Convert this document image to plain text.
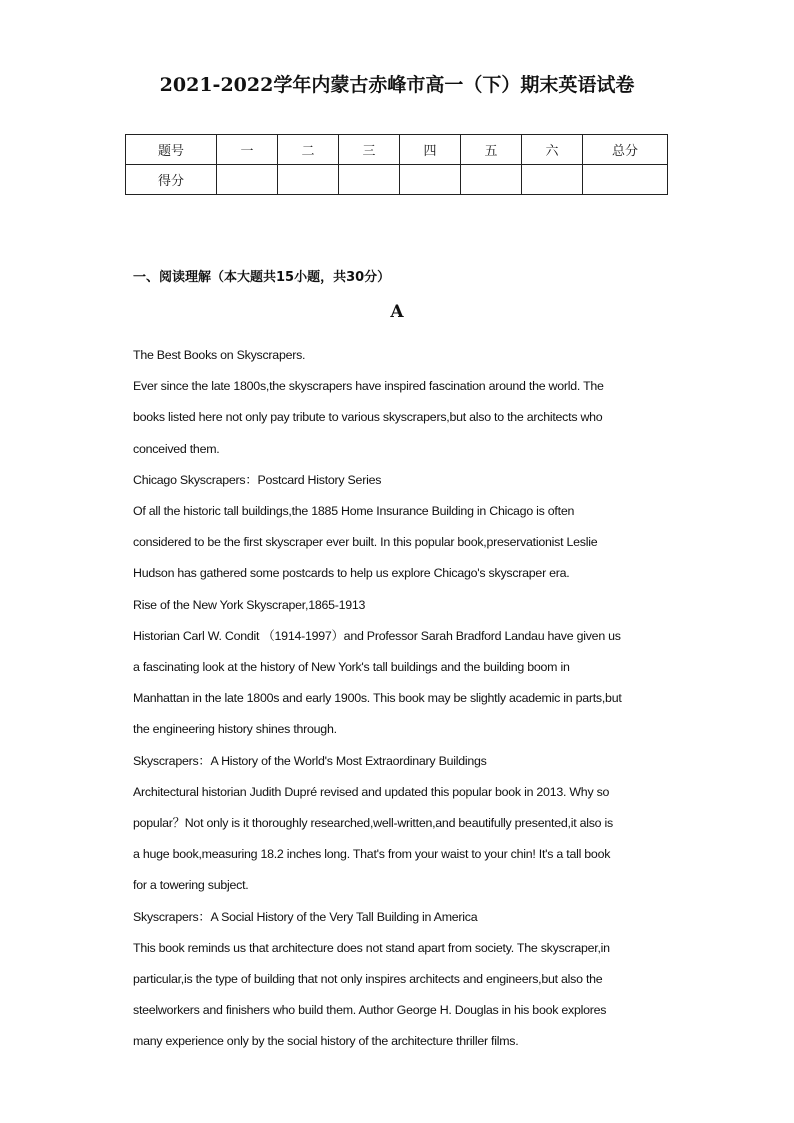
2021-2022学年内蒙古赤峰市高一（下）期末英语试卷
题号	一	二	三	四	五	六	总分
得分							
一、阅读理解（本大题共15小题，共30分）
A

The Best Books on Skyscrapers.

Ever since the late 1800s,the skyscrapers have inspired fascination around the world. The

books listed here not only pay tribute to various skyscrapers,but also to the architects who

conceived them.

Chicago Skyscrapers：Postcard History Series

Of all the historic tall buildings,the 1885 Home Insurance Building in Chicago is often

considered to be the first skyscraper ever built. In this popular book,preservationist Leslie

Hudson has gathered some postcards to help us explore Chicago's skyscraper era.

Rise of the New York Skyscraper,1865-1913

Historian Carl W. Condit （1914-1997）and Professor Sarah Bradford Landau have given us

a fascinating look at the history of New York's tall buildings and the building boom in

Manhattan in the late 1800s and early 1900s. This book may be slightly academic in parts,but

the engineering history shines through.

Skyscrapers：A History of the World's Most Extraordinary Buildings

Architectural historian Judith Dupré revised and updated this popular book in 2013. Why so

popular？Not only is it thoroughly researched,well-written,and beautifully presented,it also is

a huge book,measuring 18.2 inches long. That's from your waist to your chin! It's a tall book

for a towering subject.

Skyscrapers：A Social History of the Very Tall Building in America

This book reminds us that architecture does not stand apart from society. The skyscraper,in

particular,is the type of building that not only inspires architects and engineers,but also the

steelworkers and finishers who build them. Author George H. Douglas in his book explores

many experience only by the social history of the architecture thriller films.
